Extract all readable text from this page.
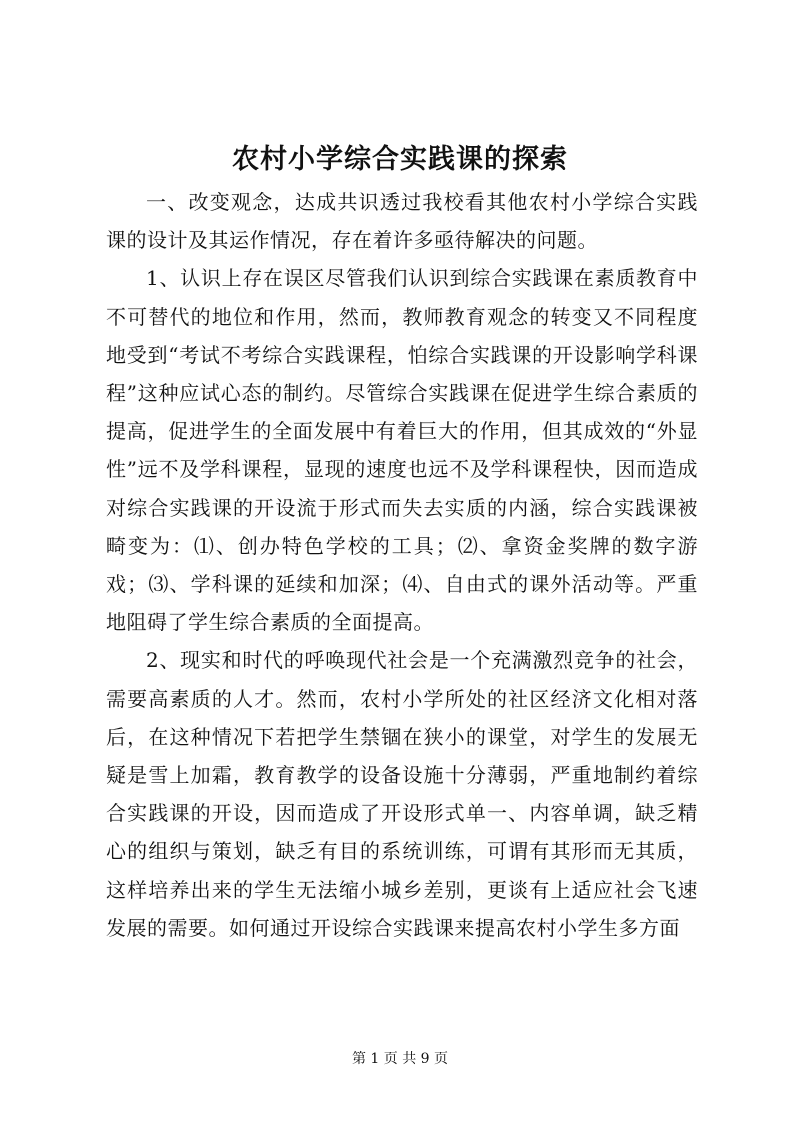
农村小学综合实践课的探索

一、改变观念，达成共识透过我校看其他农村小学综合实践课的设计及其运作情况，存在着许多亟待解决的问题。

1、认识上存在误区尽管我们认识到综合实践课在素质教育中不可替代的地位和作用，然而，教师教育观念的转变又不同程度地受到“考试不考综合实践课程，怕综合实践课的开设影响学科课程”这种应试心态的制约。尽管综合实践课在促进学生综合素质的提高，促进学生的全面发展中有着巨大的作用，但其成效的“外显性”远不及学科课程，显现的速度也远不及学科课程快，因而造成对综合实践课的开设流于形式而失去实质的内涵，综合实践课被畸变为：⑴、创办特色学校的工具；⑵、拿资金奖牌的数字游戏；⑶、学科课的延续和加深；⑷、自由式的课外活动等。严重地阻碍了学生综合素质的全面提高。

2、现实和时代的呼唤现代社会是一个充满激烈竞争的社会，需要高素质的人才。然而，农村小学所处的社区经济文化相对落后，在这种情况下若把学生禁锢在狭小的课堂，对学生的发展无疑是雪上加霜，教育教学的设备设施十分薄弱，严重地制约着综合实践课的开设，因而造成了开设形式单一、内容单调，缺乏精心的组织与策划，缺乏有目的系统训练，可谓有其形而无其质，这样培养出来的学生无法缩小城乡差别，更谈有上适应社会飞速发展的需要。如何通过开设综合实践课来提高农村小学生多方面

第 1 页 共 9 页
